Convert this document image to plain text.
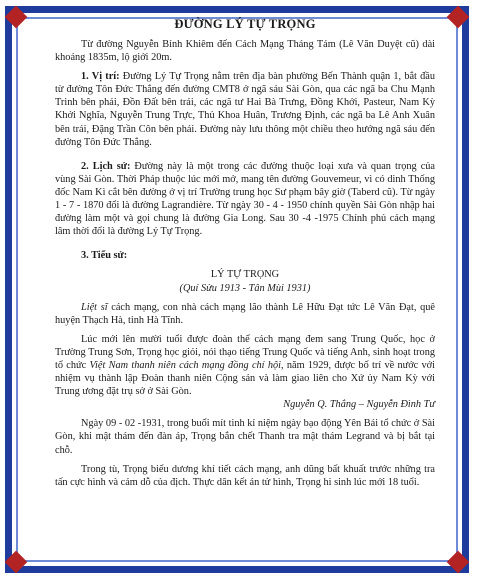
ĐƯỜNG LÝ TỰ TRỌNG

Từ đường Nguyễn Bỉnh Khiêm đến Cách Mạng Tháng Tám (Lê Văn Duyệt cũ) dài khoảng 1835m, lộ giới 20m.

1. Vị trí: Đường Lý Tự Trọng nằm trên địa bàn phường Bến Thành quận 1, bắt đầu từ đường Tôn Đức Thắng đến đường CMT8 ở ngã sáu Sài Gòn, qua các ngã ba Chu Mạnh Trinh bên phải, Đồn Đất bên trái, các ngã tư Hai Bà Trưng, Đồng Khởi, Pasteur, Nam Kỳ Khởi Nghĩa, Nguyễn Trung Trực, Thủ Khoa Huân, Trương Định, các ngã ba Lê Anh Xuân bên trái, Đặng Trần Côn bên phải. Đường này lưu thông một chiều theo hướng ngã sáu đến đường Tôn Đức Thắng.

2. Lịch sử: Đường này là một trong các đường thuộc loại xưa và quan trọng của vùng Sài Gòn. Thời Pháp thuộc lúc mới mở, mang tên đường Gouvemeur, vì có dinh Thống đốc Nam Kì cắt bên đường ở vị trí Trường trung học Sư phạm bây giờ (Taberd cũ). Từ ngày 1 - 7 - 1870 đổi là đường Lagrandière. Từ ngày 30 - 4 - 1950 chính quyền Sài Gòn nhập hai đường làm một và gọi chung là đường Gia Long. Sau 30 -4 -1975 Chính phủ cách mạng lâm thời đổi là đường Lý Tự Trọng.

3. Tiểu sử:

LÝ TỰ TRỌNG

(Quí Sửu 1913 - Tân Mùi 1931)

Liệt sĩ cách mạng, con nhà cách mạng lão thành Lê Hữu Đạt tức Lê Văn Đạt, quê huyện Thạch Hà, tỉnh Hà Tĩnh.

Lúc mới lên mười tuổi được đoàn thể cách mạng đem sang Trung Quốc, học ở Trường Trung Sơn, Trọng học giỏi, nói thạo tiếng Trung Quốc và tiếng Anh, sinh hoạt trong tổ chức Việt Nam thanh niên cách mạng đồng chí hội, năm 1929, được bố trí về nước với nhiệm vụ thành lập Đoàn thanh niên Cộng sản và làm giao liên cho Xứ ủy Nam Kỳ với Trung ương đặt trụ sở ở Sài Gòn.

Nguyễn Q. Thắng – Nguyễn Đình Tư

Ngày 09 - 02 -1931, trong buổi mít tinh kỉ niệm ngày bạo động Yên Bái tổ chức ở Sài Gòn, khi mật thám đến đàn áp, Trọng bắn chết Thanh tra mật thám Legrand và bị bắt tại chỗ.

Trong tù, Trọng biểu dương khí tiết cách mạng, anh dũng bất khuất trước những tra tấn cực hình và cám dỗ của địch. Thực dân kết án tử hình, Trọng hi sinh lúc mới 18 tuổi.
